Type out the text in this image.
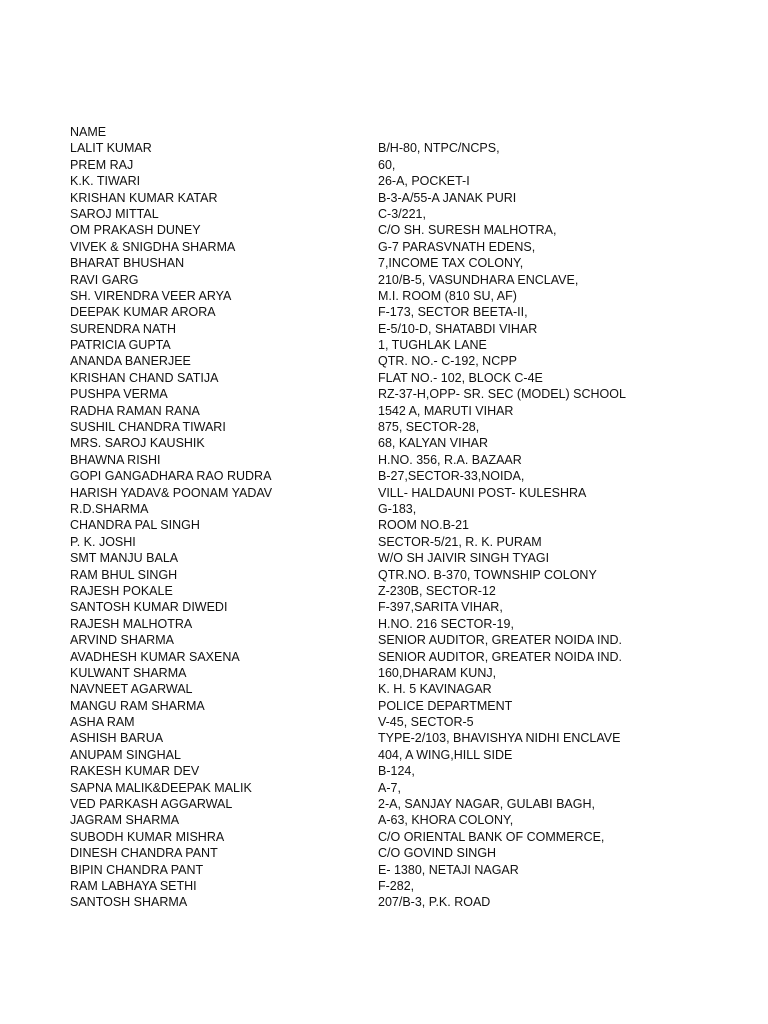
NAME
LALIT KUMAR	B/H-80, NTPC/NCPS,
PREM RAJ	60,
K.K. TIWARI	26-A, POCKET-I
KRISHAN KUMAR KATAR	B-3-A/55-A JANAK PURI
SAROJ MITTAL	C-3/221,
OM PRAKASH DUNEY	C/O SH. SURESH MALHOTRA,
VIVEK & SNIGDHA SHARMA	G-7 PARASVNATH EDENS,
BHARAT BHUSHAN	7,INCOME TAX COLONY,
RAVI GARG	210/B-5, VASUNDHARA ENCLAVE,
SH. VIRENDRA VEER ARYA	M.I. ROOM (810 SU, AF)
DEEPAK KUMAR ARORA	F-173, SECTOR BEETA-II,
SURENDRA NATH	E-5/10-D, SHATABDI VIHAR
PATRICIA GUPTA	1, TUGHLAK LANE
ANANDA BANERJEE	QTR. NO.- C-192, NCPP
KRISHAN CHAND SATIJA	FLAT NO.- 102, BLOCK C-4E
PUSHPA VERMA	RZ-37-H,OPP- SR. SEC (MODEL) SCHOOL
RADHA RAMAN RANA	1542 A, MARUTI VIHAR
SUSHIL CHANDRA TIWARI	875, SECTOR-28,
MRS. SAROJ KAUSHIK	68, KALYAN VIHAR
BHAWNA RISHI	H.NO. 356, R.A. BAZAAR
GOPI GANGADHARA RAO RUDRA	B-27,SECTOR-33,NOIDA,
HARISH YADAV& POONAM YADAV	VILL- HALDAUNI POST- KULESHRA
R.D.SHARMA	G-183,
CHANDRA PAL SINGH	ROOM NO.B-21
P. K. JOSHI	SECTOR-5/21, R. K. PURAM
SMT MANJU BALA	W/O SH JAIVIR SINGH TYAGI
RAM BHUL SINGH	QTR.NO. B-370, TOWNSHIP COLONY
RAJESH POKALE	Z-230B, SECTOR-12
SANTOSH KUMAR DIWEDI	F-397,SARITA VIHAR,
RAJESH MALHOTRA	H.NO. 216 SECTOR-19,
ARVIND SHARMA	SENIOR AUDITOR, GREATER NOIDA IND.
AVADHESH KUMAR SAXENA	SENIOR AUDITOR, GREATER NOIDA IND.
KULWANT SHARMA	160,DHARAM KUNJ,
NAVNEET AGARWAL	K. H. 5 KAVINAGAR
MANGU RAM SHARMA	POLICE DEPARTMENT
ASHA RAM	V-45, SECTOR-5
ASHISH BARUA	TYPE-2/103, BHAVISHYA NIDHI ENCLAVE
ANUPAM SINGHAL	404, A WING,HILL SIDE
RAKESH KUMAR DEV	B-124,
SAPNA MALIK&DEEPAK MALIK	A-7,
VED PARKASH AGGARWAL	2-A, SANJAY NAGAR, GULABI BAGH,
JAGRAM SHARMA	A-63, KHORA COLONY,
SUBODH KUMAR MISHRA	C/O ORIENTAL BANK OF COMMERCE,
DINESH CHANDRA PANT	C/O GOVIND SINGH
BIPIN CHANDRA PANT	E- 1380, NETAJI NAGAR
RAM LABHAYA SETHI	F-282,
SANTOSH SHARMA	207/B-3, P.K. ROAD
